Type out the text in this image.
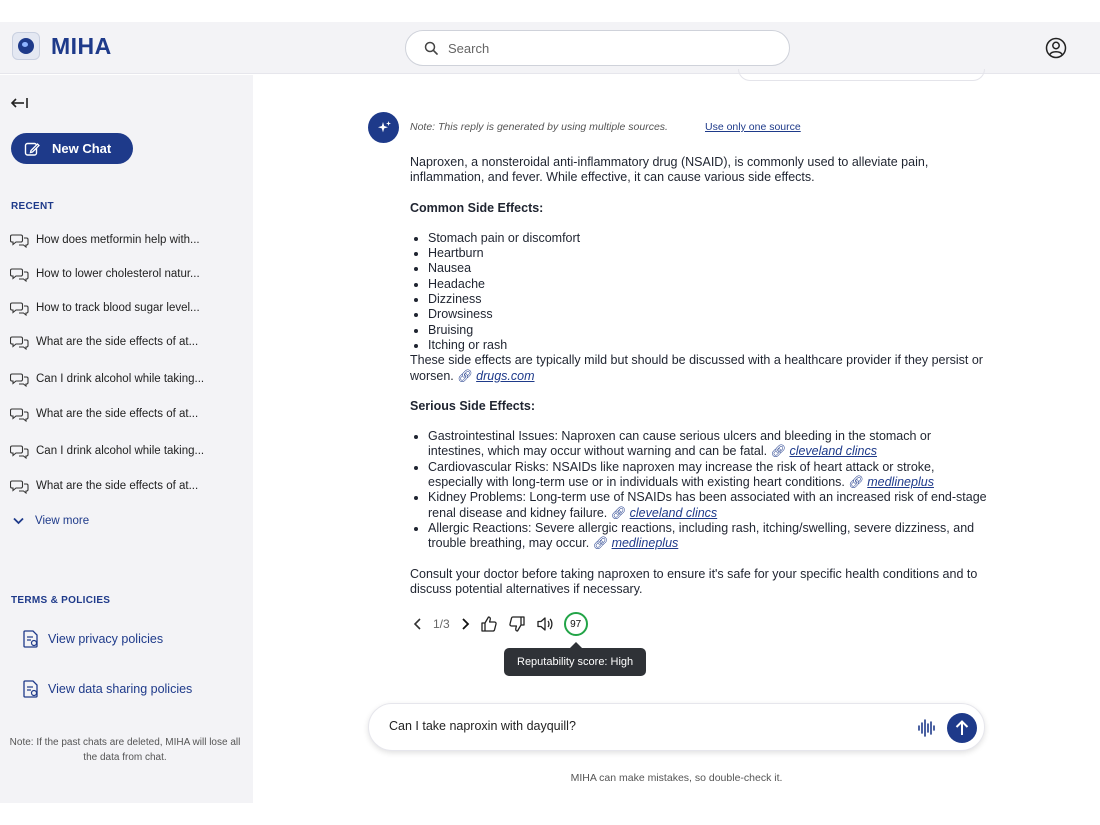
MIHA
Search
New Chat
RECENT
How does metformin help with...
How to lower cholesterol natur...
How to track blood sugar level...
What are the side effects of at...
Can I drink alcohol while taking...
What are the side effects of at...
Can I drink alcohol while taking...
What are the side effects of at...
View more
TERMS & POLICIES
View privacy policies
View data sharing policies
Note: If the past chats are deleted, MIHA will lose all the data from chat.
Note: This reply is generated by using multiple sources.	Use only one source

Naproxen, a nonsteroidal anti-inflammatory drug (NSAID), is commonly used to alleviate pain, inflammation, and fever. While effective, it can cause various side effects.

Common Side Effects:
• Stomach pain or discomfort
• Heartburn
• Nausea
• Headache
• Dizziness
• Drowsiness
• Bruising
• Itching or rash

These side effects are typically mild but should be discussed with a healthcare provider if they persist or worsen. 🔗︎ drugs.com

Serious Side Effects:
• Gastrointestinal Issues: Naproxen can cause serious ulcers and bleeding in the stomach or intestines, which may occur without warning and can be fatal. 🔗︎ cleveland clincs
• Cardiovascular Risks: NSAIDs like naproxen may increase the risk of heart attack or stroke, especially with long-term use or in individuals with existing heart conditions. 🔗︎ medlineplus
• Kidney Problems: Long-term use of NSAIDs has been associated with an increased risk of end-stage renal disease and kidney failure. 🔗︎ cleveland clincs
• Allergic Reactions: Severe allergic reactions, including rash, itching/swelling, severe dizziness, and trouble breathing, may occur. 🔗︎ medlineplus

Consult your doctor before taking naproxen to ensure it's safe for your specific health conditions and to discuss potential alternatives if necessary.

1/3	97
Reputability score: High
Can I take naproxin with dayquill?
MIHA can make mistakes, so double-check it.
